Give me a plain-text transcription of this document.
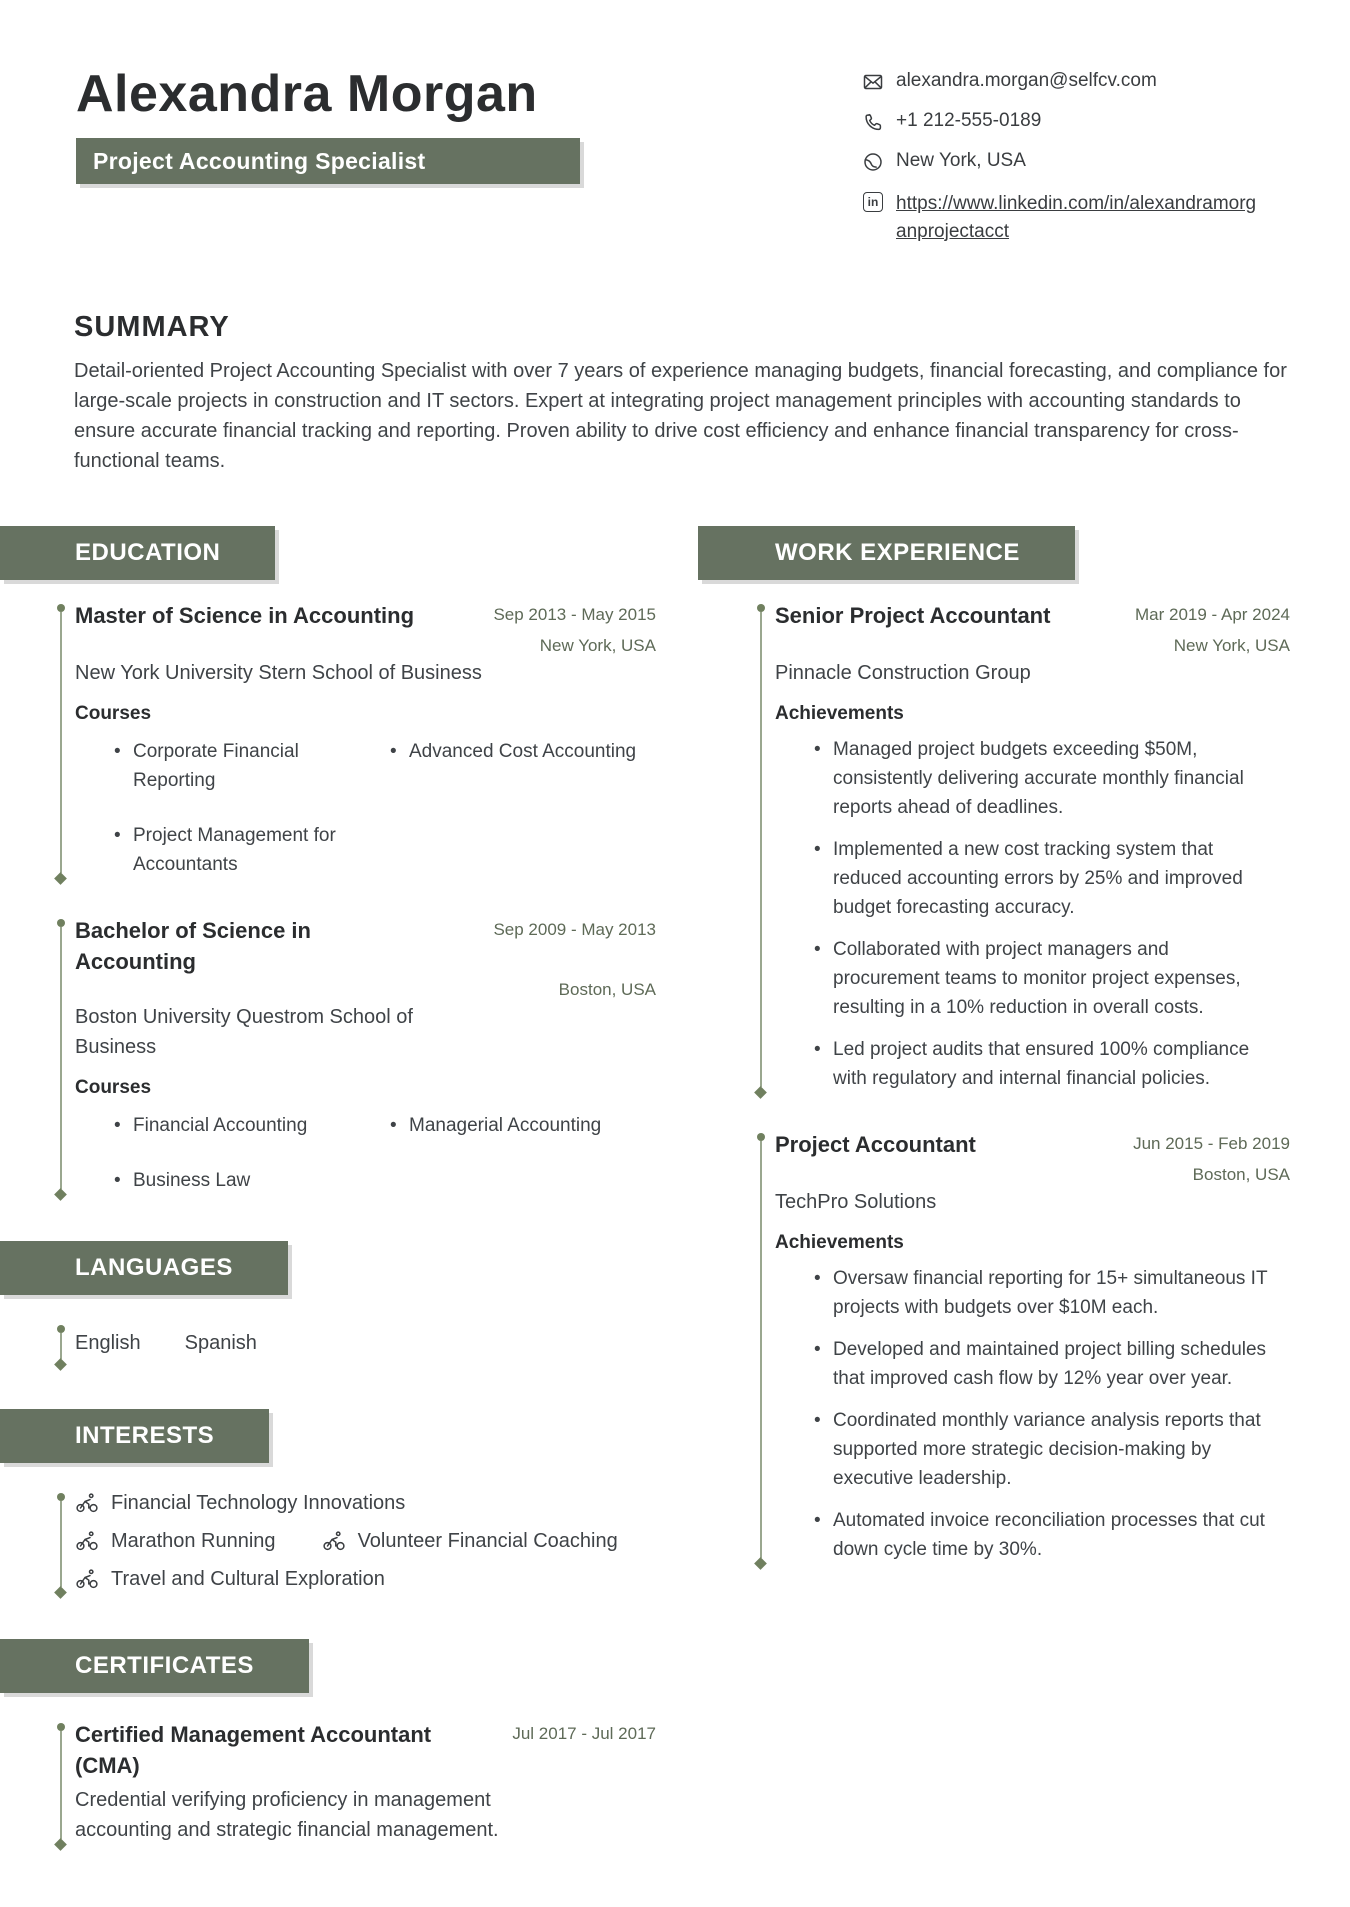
Alexandra Morgan
Project Accounting Specialist
alexandra.morgan@selfcv.com
+1 212-555-0189
New York, USA
in https://www.linkedin.com/in/alexandramorganprojectacct
SUMMARY

Detail-oriented Project Accounting Specialist with over 7 years of experience managing budgets, financial forecasting, and compliance for large-scale projects in construction and IT sectors. Expert at integrating project management principles with accounting standards to ensure accurate financial tracking and reporting. Proven ability to drive cost efficiency and enhance financial transparency for cross-functional teams.

EDUCATION
Master of Science in Accounting	Sep 2013 - May 2015
New York, USA

New York University Stern School of Business

Courses
• Corporate Financial Reporting
• Advanced Cost Accounting
• Project Management for Accountants
Bachelor of Science in Accounting
Sep 2009 - May 2013
Boston, USA

Boston University Questrom School of Business

Courses
• Financial Accounting	• Managerial Accounting
• Business Law
LANGUAGES
English Spanish
INTERESTS
Financial Technology Innovations
Marathon Running	Volunteer Financial Coaching
Travel and Cultural Exploration
CERTIFICATES
Certified Management Accountant (CMA)
Jul 2017 - Jul 2017

Credential verifying proficiency in management accounting and strategic financial management.

WORK EXPERIENCE
Senior Project Accountant	Mar 2019 - Apr 2024
New York, USA

Pinnacle Construction Group

Achievements
• Managed project budgets exceeding $50M, consistently delivering accurate monthly financial reports ahead of deadlines.
• Implemented a new cost tracking system that reduced accounting errors by 25% and improved budget forecasting accuracy.
• Collaborated with project managers and procurement teams to monitor project expenses, resulting in a 10% reduction in overall costs.
• Led project audits that ensured 100% compliance with regulatory and internal financial policies.
Project Accountant	Jun 2015 - Feb 2019
Boston, USA

TechPro Solutions

Achievements
• Oversaw financial reporting for 15+ simultaneous IT projects with budgets over $10M each.
• Developed and maintained project billing schedules that improved cash flow by 12% year over year.
• Coordinated monthly variance analysis reports that supported more strategic decision-making by executive leadership.
• Automated invoice reconciliation processes that cut down cycle time by 30%.
